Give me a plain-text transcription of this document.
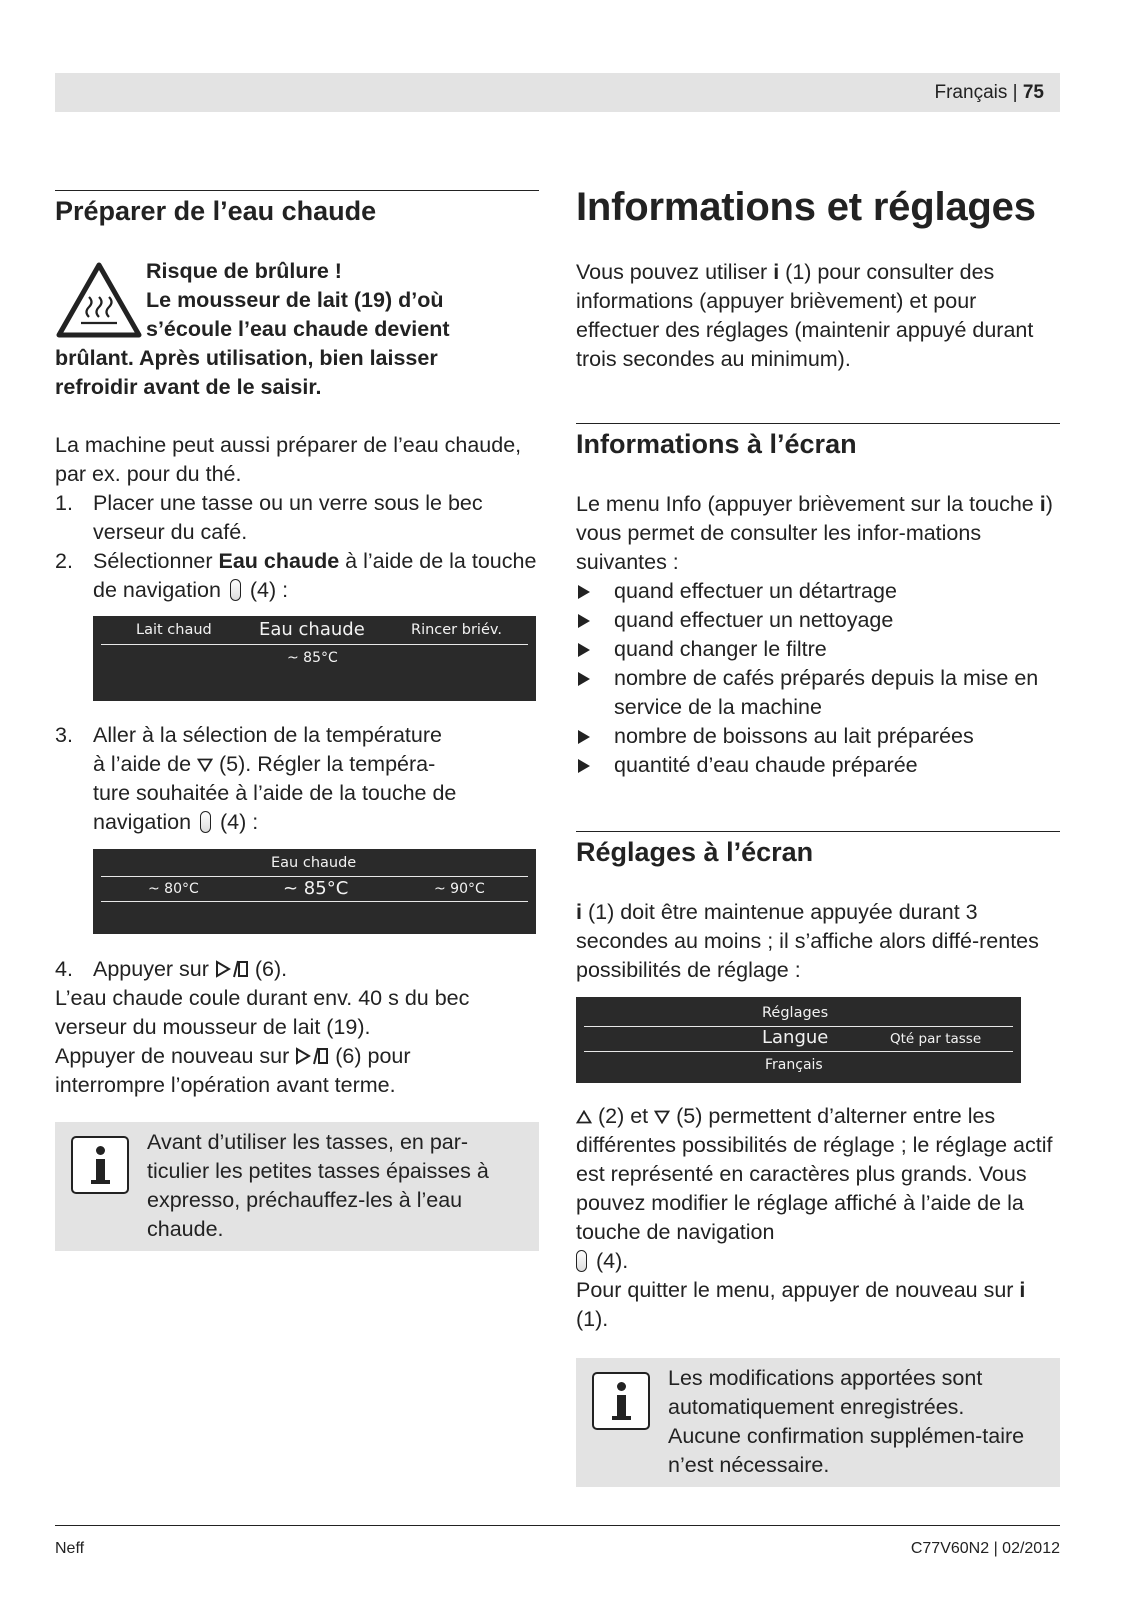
Français | 75
Préparer de l’eau chaude
Risque de brûlure !
Le mousseur de lait (19) d’où
s’écoule l’eau chaude devient
brûlant. Après utilisation, bien laisser
refroidir avant de le saisir.

La machine peut aussi préparer de l’eau chaude, par ex. pour du thé.

1. Placer une tasse ou un verre sous le bec verseur du café.
2. Sélectionner Eau chaude à l’aide de la touche de navigation  (4) :
Lait chaud	Eau chaude	Rincer briév.
~ 85°C
3. Aller à la sélection de la température
à l’aide de  (5). Régler la tempéra-
ture souhaitée à l’aide de la touche de
navigation  (4) :
Eau chaude
~ 80°C	~ 85°C	~ 90°C
4. Appuyer sur  (6).

L’eau chaude coule durant env. 40 s du bec verseur du mousseur de lait (19).

Appuyer de nouveau sur  (6) pour
interrompre l’opération avant terme.
Avant d’utiliser les tasses, en par-ticulier les petites tasses épaisses à expresso, préchauffez-les à l’eau chaude.
Informations et réglages

Vous pouvez utiliser i (1) pour consulter des informations (appuyer brièvement) et pour effectuer des réglages (maintenir appuyé durant trois secondes au minimum).

Informations à l’écran

Le menu Info (appuyer brièvement sur la touche i) vous permet de consulter les infor-mations suivantes :

quand effectuer un détartrage
quand effectuer un nettoyage
quand changer le filtre
nombre de cafés préparés depuis la mise en service de la machine
nombre de boissons au lait préparées
quantité d’eau chaude préparée
Réglages à l’écran

i (1) doit être maintenue appuyée durant 3 secondes au moins ; il s’affiche alors diffé-rentes possibilités de réglage :

Réglages
Langue	Qté par tasse
Français
(2) et  (5) permettent d’alterner entre les différentes possibilités de réglage ; le réglage actif est représenté en caractères plus grands. Vous pouvez modifier le réglage affiché à l’aide de la touche de navigation
(4).

Pour quitter le menu, appuyer de nouveau sur i (1).

Les modifications apportées sont automatiquement enregistrées. Aucune confirmation supplémen-taire n’est nécessaire.
Neff	C77V60N2 | 02/2012
